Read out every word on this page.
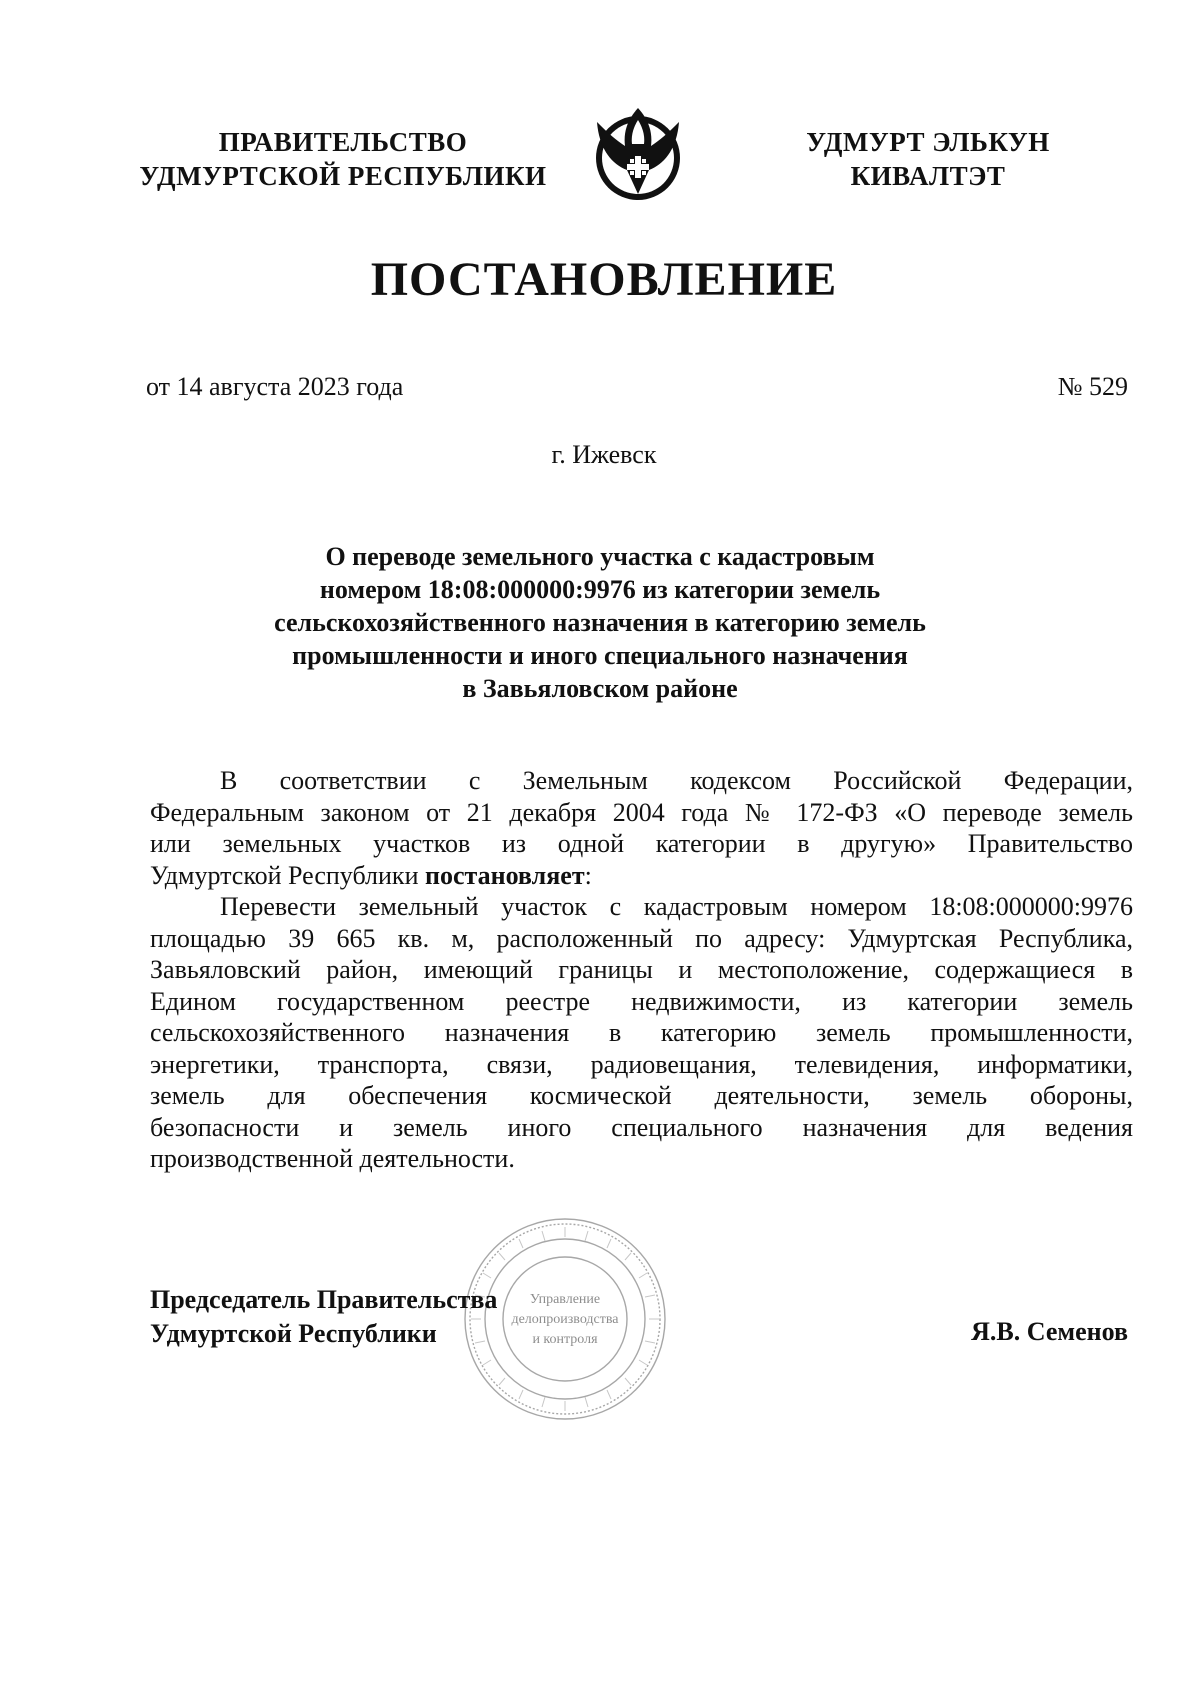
ПРАВИТЕЛЬСТВО
УДМУРТСКОЙ РЕСПУБЛИКИ
УДМУРТ ЭЛЬКУН
КИВАЛТЭТ
ПОСТАНОВЛЕНИЕ
от 14 августа 2023 года	№ 529
г. Ижевск
О переводе земельного участка с кадастровым
номером 18:08:000000:9976 из категории земель
сельскохозяйственного назначения в категорию земель
промышленности и иного специального назначения
в Завьяловском районе
В соответствии с Земельным кодексом Российской Федерации,
Федеральным законом от 21 декабря 2004 года № 172-ФЗ «О переводе земель
или земельных участков из одной категории в другую» Правительство
Удмуртской Республики постановляет:
Перевести земельный участок с кадастровым номером 18:08:000000:9976
площадью 39 665 кв. м, расположенный по адресу: Удмуртская Республика,
Завьяловский район, имеющий границы и местоположение, содержащиеся в
Едином государственном реестре недвижимости, из категории земель
сельскохозяйственного назначения в категорию земель промышленности,
энергетики, транспорта, связи, радиовещания, телевидения, информатики,
земель для обеспечения космической деятельности, земель обороны,
безопасности и земель иного специального назначения для ведения
производственной деятельности.
Управление
делопроизводства
и контроля
Председатель Правительства
Удмуртской Республики	Я.В. Семенов
